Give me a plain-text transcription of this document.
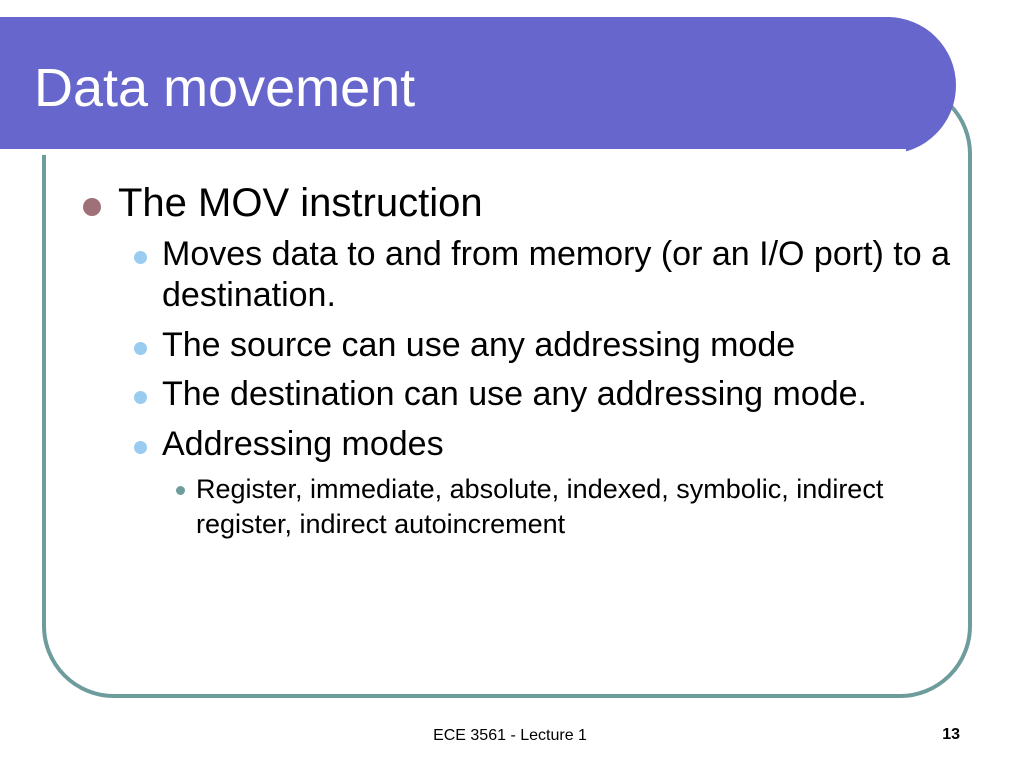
Data movement
The MOV instruction
Moves data to and from memory (or an I/O port) to a destination.
The source can use any addressing mode
The destination can use any addressing mode.
Addressing modes
Register, immediate, absolute, indexed, symbolic, indirect register, indirect autoincrement
ECE 3561 - Lecture 1	13
